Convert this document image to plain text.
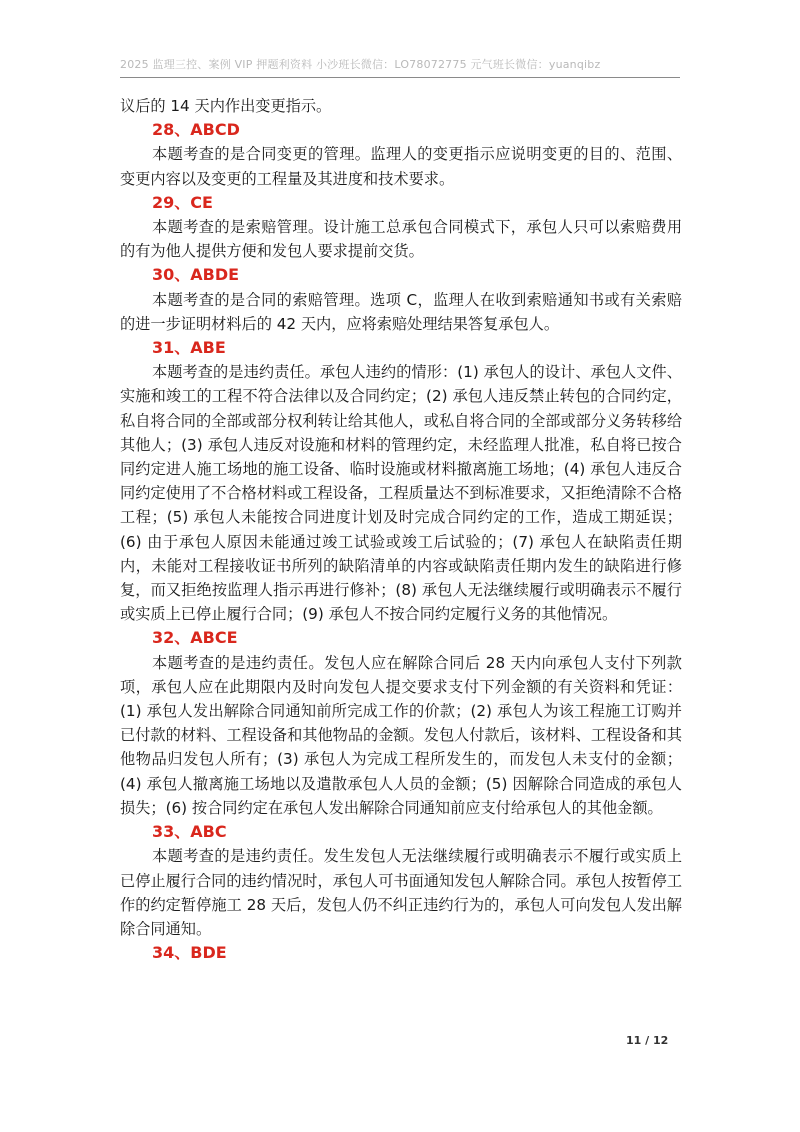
2025 监理三控、案例 VIP 押题利资料 小沙班长微信：LO78072775 元气班长微信：yuanqibz

议后的 14 天内作出变更指示。

28、ABCD

本题考查的是合同变更的管理。监理人的变更指示应说明变更的目的、范围、变更内容以及变更的工程量及其进度和技术要求。

29、CE

本题考查的是索赔管理。设计施工总承包合同模式下，承包人只可以索赔费用的有为他人提供方便和发包人要求提前交货。

30、ABDE

本题考查的是合同的索赔管理。选项 C，监理人在收到索赔通知书或有关索赔的进一步证明材料后的 42 天内，应将索赔处理结果答复承包人。

31、ABE

本题考查的是违约责任。承包人违约的情形：(1) 承包人的设计、承包人文件、实施和竣工的工程不符合法律以及合同约定；(2) 承包人违反禁止转包的合同约定，私自将合同的全部或部分权利转让给其他人，或私自将合同的全部或部分义务转移给其他人；(3) 承包人违反对设施和材料的管理约定，未经监理人批准，私自将已按合同约定进人施工场地的施工设备、临时设施或材料撤离施工场地；(4) 承包人违反合同约定使用了不合格材料或工程设备，工程质量达不到标准要求，又拒绝清除不合格工程；(5) 承包人未能按合同进度计划及时完成合同约定的工作，造成工期延误；(6) 由于承包人原因未能通过竣工试验或竣工后试验的；(7) 承包人在缺陷责任期内，未能对工程接收证书所列的缺陷清单的内容或缺陷责任期内发生的缺陷进行修复，而又拒绝按监理人指示再进行修补；(8) 承包人无法继续履行或明确表示不履行或实质上已停止履行合同；(9) 承包人不按合同约定履行义务的其他情况。

32、ABCE

本题考查的是违约责任。发包人应在解除合同后 28 天内向承包人支付下列款项，承包人应在此期限内及时向发包人提交要求支付下列金额的有关资料和凭证：(1) 承包人发出解除合同通知前所完成工作的价款；(2) 承包人为该工程施工订购并已付款的材料、工程设备和其他物品的金额。发包人付款后，该材料、工程设备和其他物品归发包人所有；(3) 承包人为完成工程所发生的，而发包人未支付的金额；(4) 承包人撤离施工场地以及遣散承包人人员的金额；(5) 因解除合同造成的承包人损失；(6) 按合同约定在承包人发出解除合同通知前应支付给承包人的其他金额。

33、ABC

本题考查的是违约责任。发生发包人无法继续履行或明确表示不履行或实质上已停止履行合同的违约情况时，承包人可书面通知发包人解除合同。承包人按暂停工作的约定暂停施工 28 天后，发包人仍不纠正违约行为的，承包人可向发包人发出解除合同通知。

34、BDE

11 / 12
